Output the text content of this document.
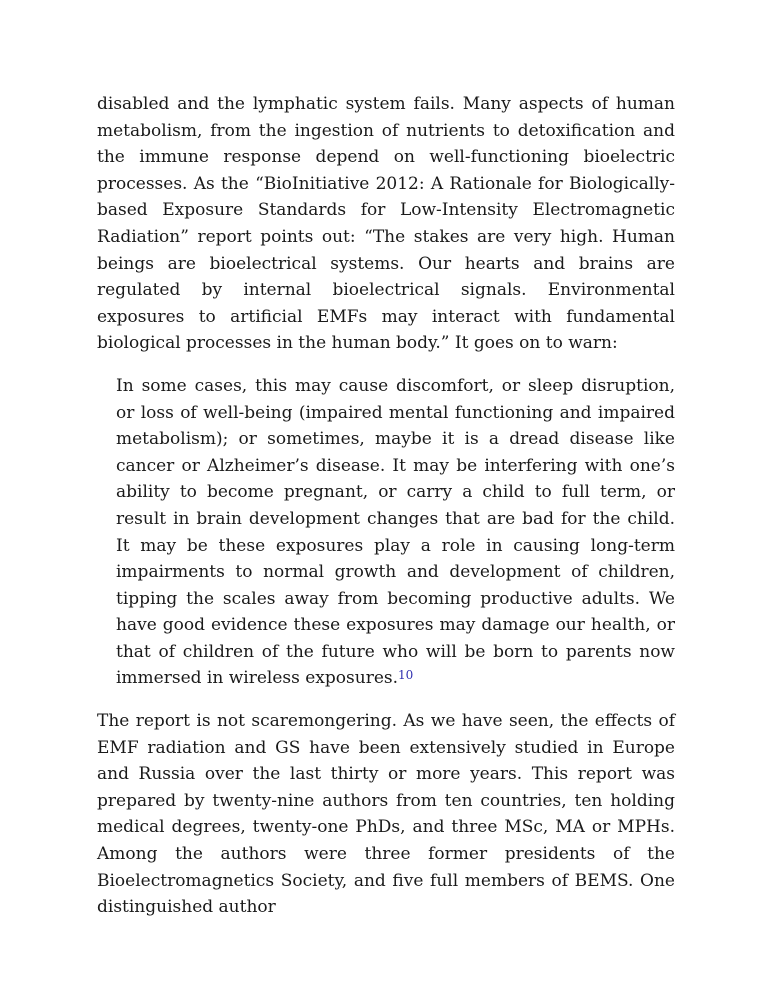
disabled and the lymphatic system fails. Many aspects of human metabolism, from the ingestion of nutrients to detoxification and the immune response depend on well-functioning bioelectric processes. As the “BioInitiative 2012: A Rationale for Biologically-based Exposure Standards for Low-Intensity Electromagnetic Radiation” report points out: “The stakes are very high. Human beings are bioelectrical systems. Our hearts and brains are regulated by internal bioelectrical signals. Environmental exposures to artificial EMFs may interact with fundamental biological processes in the human body.” It goes on to warn:

In some cases, this may cause discomfort, or sleep disruption, or loss of well-being (impaired mental functioning and impaired metabolism); or sometimes, maybe it is a dread disease like cancer or Alzheimer’s disease. It may be interfering with one’s ability to become pregnant, or carry a child to full term, or result in brain development changes that are bad for the child. It may be these exposures play a role in causing long-term impairments to normal growth and development of children, tipping the scales away from becoming productive adults. We have good evidence these exposures may damage our health, or that of children of the future who will be born to parents now immersed in wireless exposures.$^{10}$

The report is not scaremongering. As we have seen, the effects of EMF radiation and GS have been extensively studied in Europe and Russia over the last thirty or more years. This report was prepared by twenty-nine authors from ten countries, ten holding medical degrees, twenty-one PhDs, and three MSc, MA or MPHs. Among the authors were three former presidents of the Bioelectromagnetics Society, and five full members of BEMS. One distinguished author
